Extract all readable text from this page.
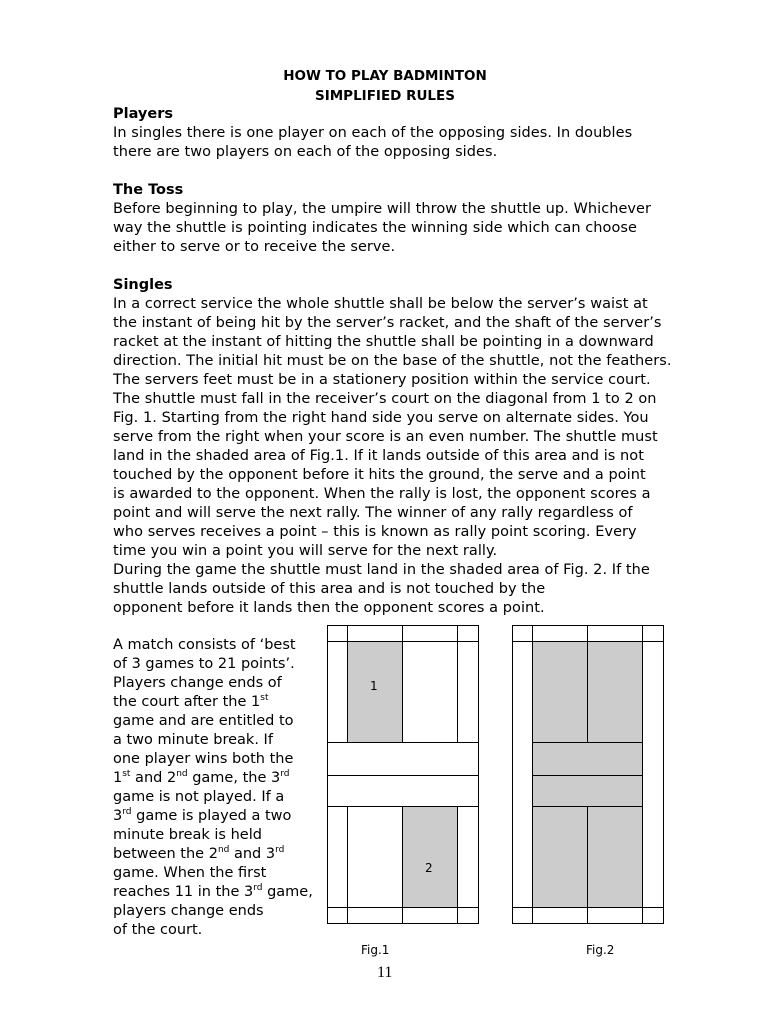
HOW TO PLAY BADMINTON
SIMPLIFIED RULES
Players
In singles there is one player on each of the opposing sides. In doubles
there are two players on each of the opposing sides.
The Toss
Before beginning to play, the umpire will throw the shuttle up. Whichever
way the shuttle is pointing indicates the winning side which can choose
either to serve or to receive the serve.
Singles
In a correct service the whole shuttle shall be below the server’s waist at
the instant of being hit by the server’s racket, and the shaft of the server’s
racket at the instant of hitting the shuttle shall be pointing in a downward
direction. The initial hit must be on the base of the shuttle, not the feathers.
The servers feet must be in a stationery position within the service court.
The shuttle must fall in the receiver’s court on the diagonal from 1 to 2 on
Fig. 1. Starting from the right hand side you serve on alternate sides. You
serve from the right when your score is an even number. The shuttle must
land in the shaded area of Fig.1. If it lands outside of this area and is not
touched by the opponent before it hits the ground, the serve and a point
is awarded to the opponent. When the rally is lost, the opponent scores a
point and will serve the next rally. The winner of any rally regardless of
who serves receives a point – this is known as rally point scoring. Every
time you win a point you will serve for the next rally.
During the game the shuttle must land in the shaded area of Fig. 2. If the
shuttle lands outside of this area and is not touched by the
opponent before it lands then the opponent scores a point.
A match consists of ‘best
of 3 games to 21 points’.
Players change ends of
the court after the 1st
game and are entitled to
a two minute break. If
one player wins both the
1st and 2nd game, the 3rd
game is not played. If a
3rd game is played a two
minute break is held
between the 2nd and 3rd
game. When the first
reaches 11 in the 3rd game,
players change ends
of the court.
1
2
Fig.1	Fig.2
11
